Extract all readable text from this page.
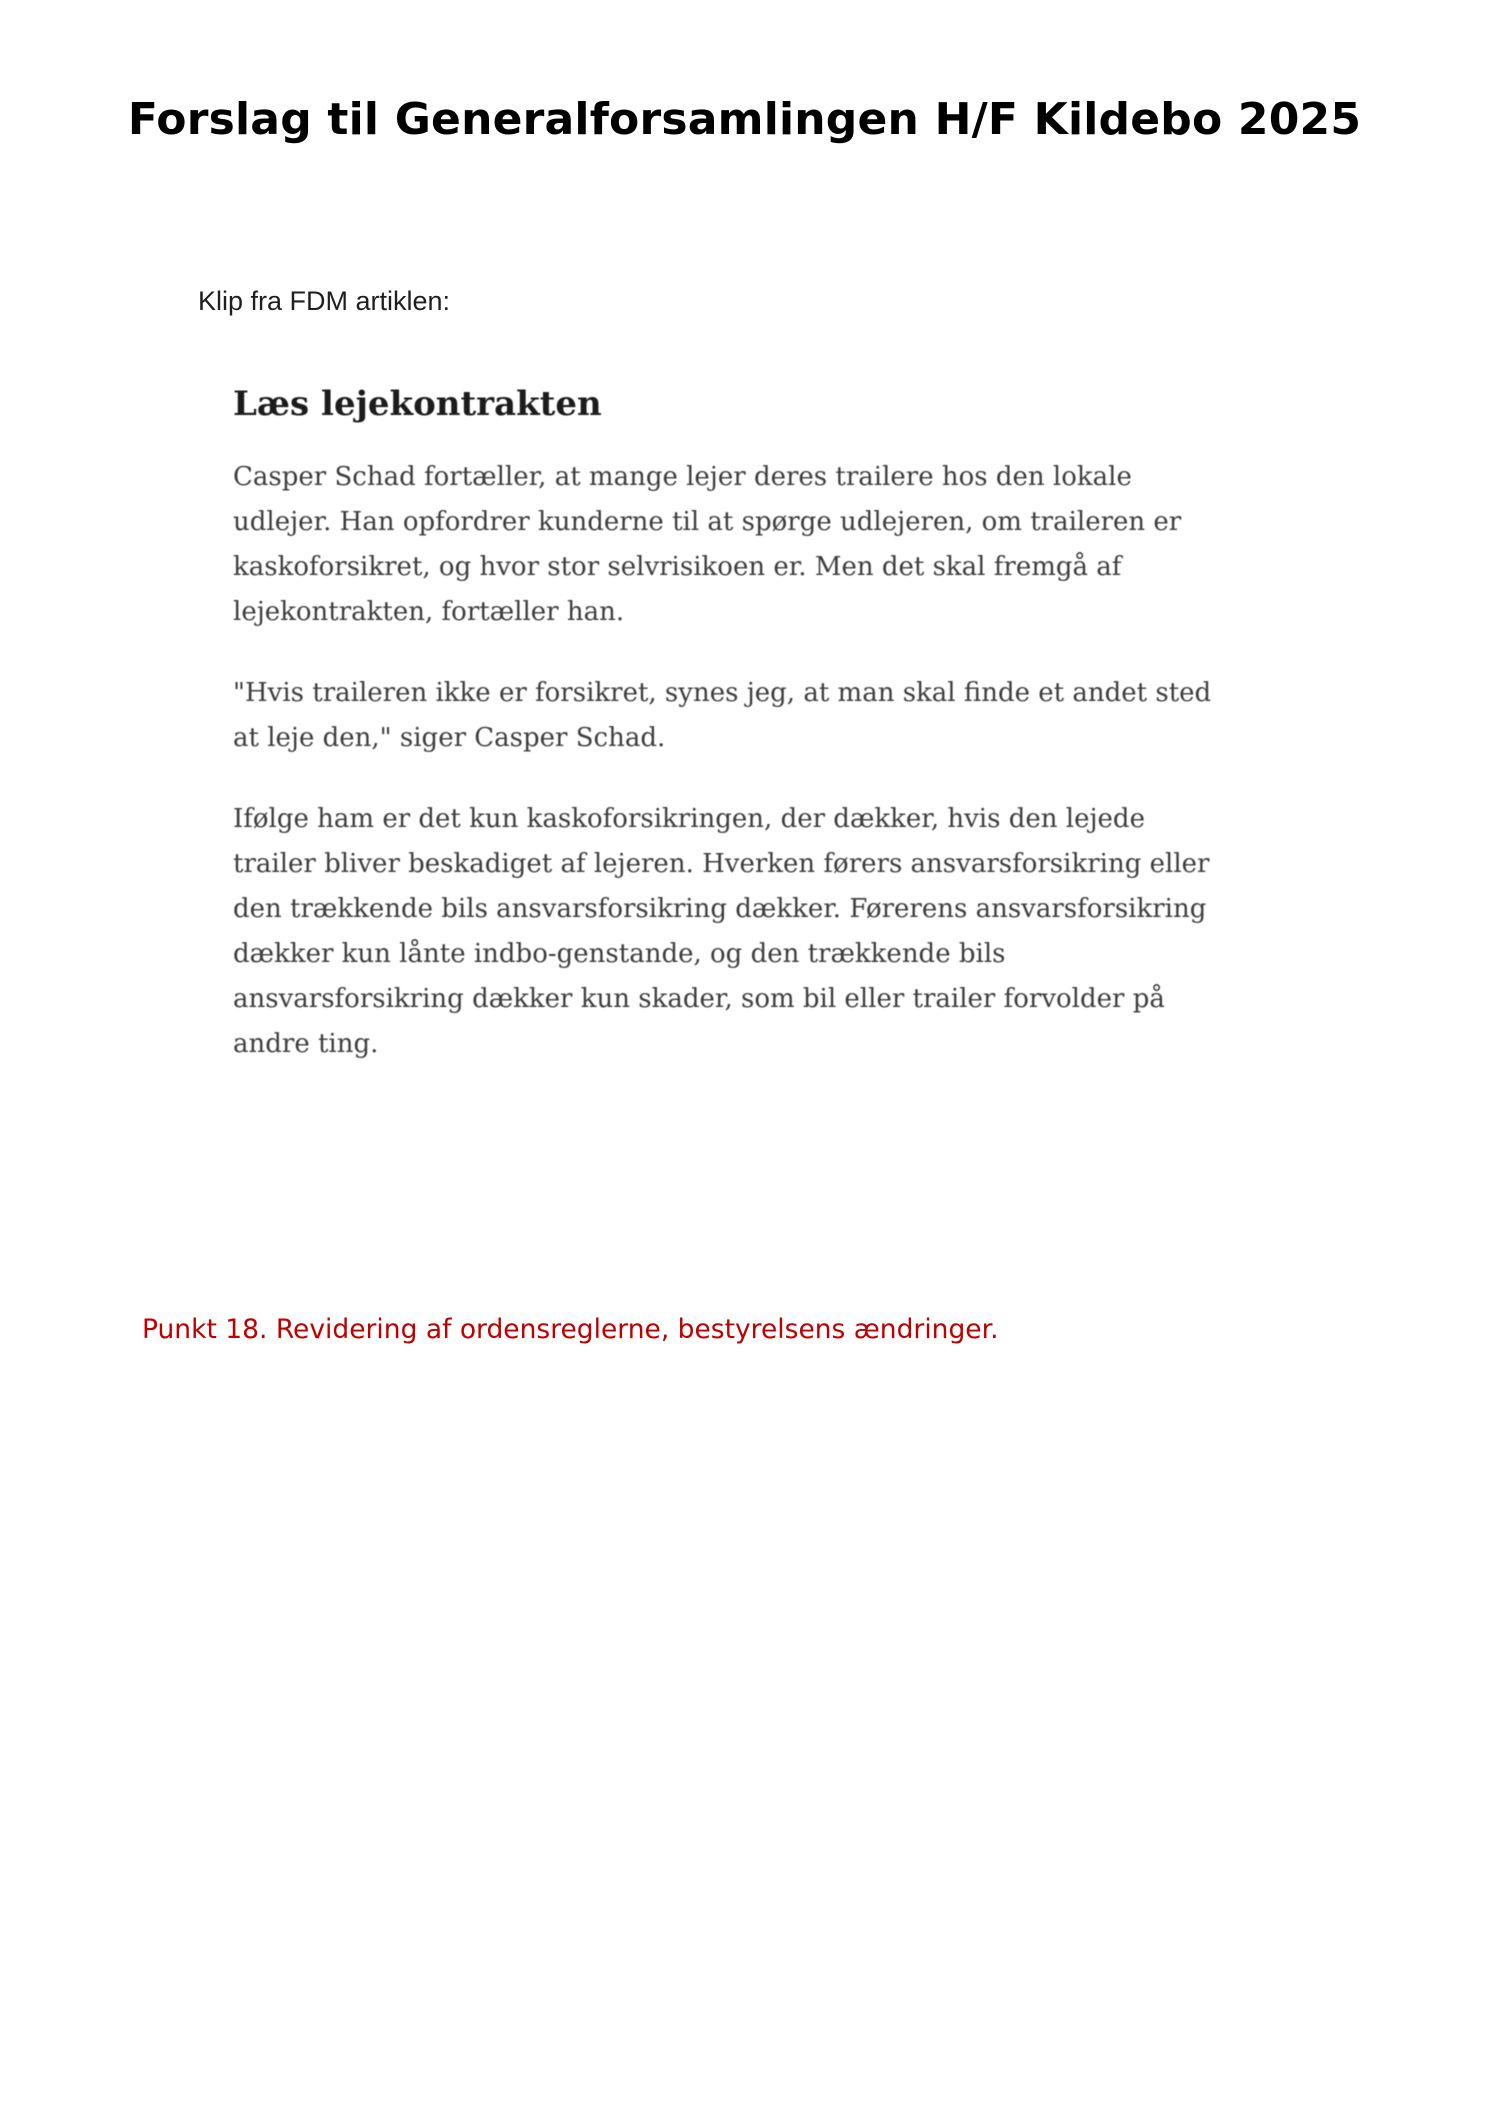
Forslag til Generalforsamlingen H/F Kildebo 2025
Klip fra FDM artiklen:
Læs lejekontrakten
Casper Schad fortæller, at mange lejer deres trailere hos den lokale
udlejer. Han opfordrer kunderne til at spørge udlejeren, om traileren er
kaskoforsikret, og hvor stor selvrisikoen er. Men det skal fremgå af
lejekontrakten, fortæller han.
"Hvis traileren ikke er forsikret, synes jeg, at man skal finde et andet sted
at leje den," siger Casper Schad.
Ifølge ham er det kun kaskoforsikringen, der dækker, hvis den lejede
trailer bliver beskadiget af lejeren. Hverken førers ansvarsforsikring eller
den trækkende bils ansvarsforsikring dækker. Førerens ansvarsforsikring
dækker kun lånte indbo-genstande, og den trækkende bils
ansvarsforsikring dækker kun skader, som bil eller trailer forvolder på
andre ting.
Punkt 18. Revidering af ordensreglerne, bestyrelsens ændringer.
